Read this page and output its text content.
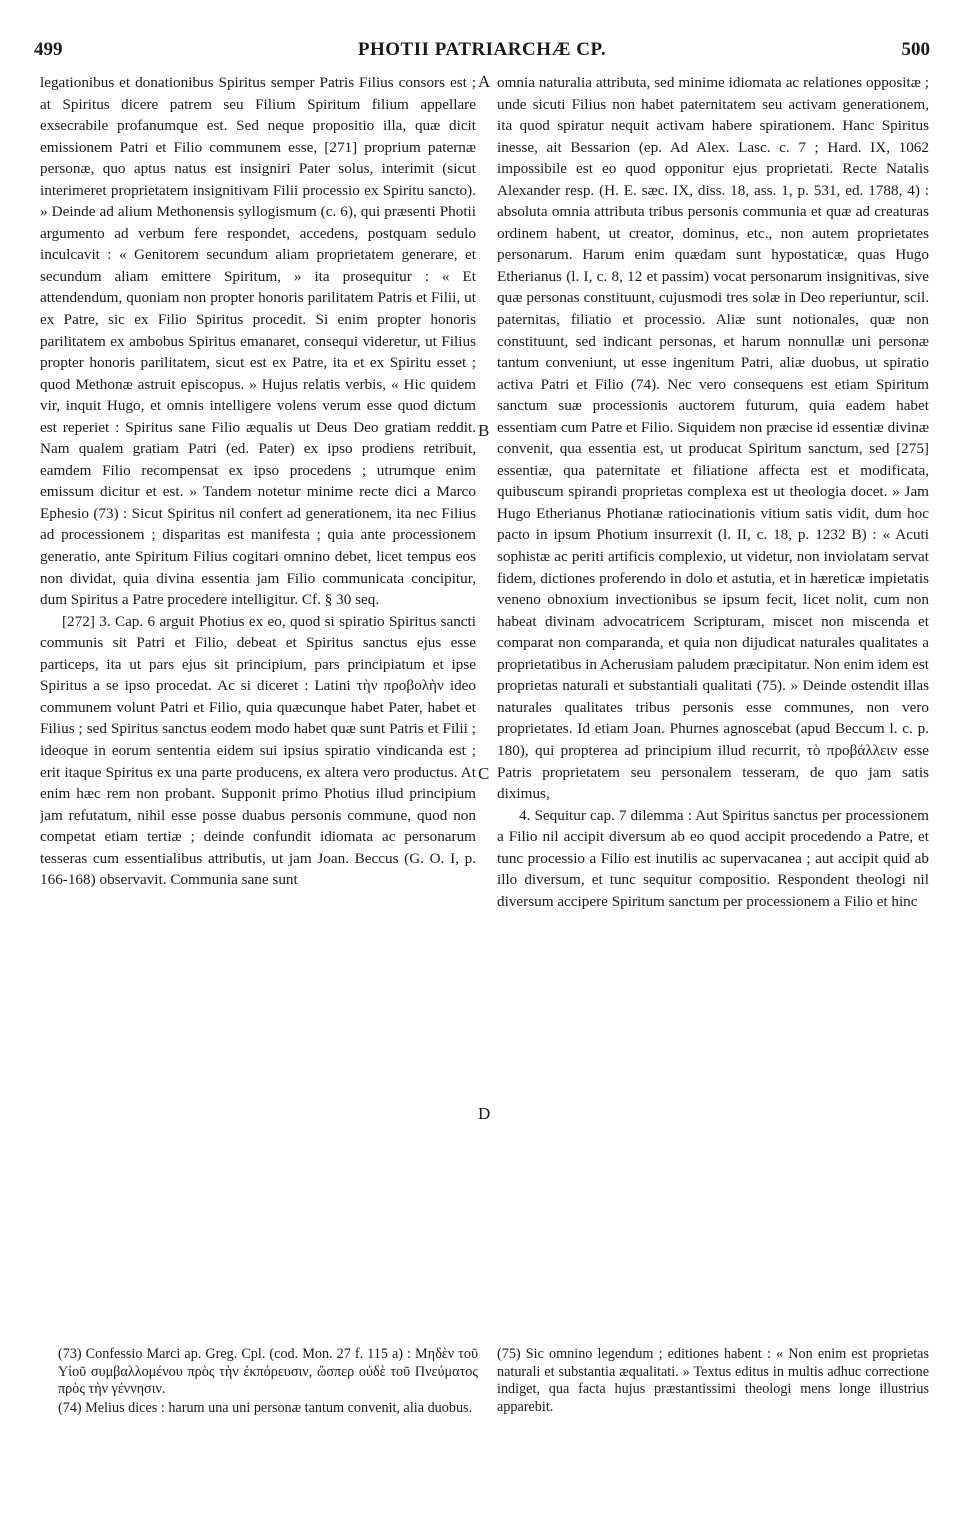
499	PHOTII PATRIARCHÆ CP.	500

legationibus et donationibus Spiritus semper Patris Filius consors est ; at Spiritus dicere patrem seu Filium Spiritum filium appellare exsecrabile profanumque est. Sed neque propositio illa, quæ dicit emissionem Patri et Filio communem esse, [271] proprium paternæ personæ, quo aptus natus est insigniri Pater solus, interimit (sicut interimeret proprietatem insignitivam Filii processio ex Spiritu sancto). » Deinde ad alium Methonensis syllogismum (c. 6), qui præsenti Photii argumento ad verbum fere respondet, accedens, postquam sedulo inculcavit : « Genitorem secundum aliam proprietatem generare, et secundum aliam emittere Spiritum, » ita prosequitur : « Et attendendum, quoniam non propter honoris parilitatem Patris et Filii, ut ex Patre, sic ex Filio Spiritus procedit. Si enim propter honoris parilitatem ex ambobus Spiritus emanaret, consequi videretur, ut Filius propter honoris parilitatem, sicut est ex Patre, ita et ex Spiritu esset ; quod Methonæ astruit episcopus. » Hujus relatis verbis, « Hic quidem vir, inquit Hugo, et omnis intelligere volens verum esse quod dictum est reperiet : Spiritus sane Filio æqualis ut Deus Deo gratiam reddit. Nam qualem gratiam Patri (ed. Pater) ex ipso prodiens retribuit, eamdem Filio recompensat ex ipso procedens ; utrumque enim emissum dicitur et est. » Tandem notetur minime recte dici a Marco Ephesio (73) : Sicut Spiritus nil confert ad generationem, ita nec Filius ad processionem ; disparitas est manifesta ; quia ante processionem generatio, ante Spiritum Filius cogitari omnino debet, licet tempus eos non dividat, quia divina essentia jam Filio communicata concipitur, dum Spiritus a Patre procedere intelligitur. Cf. § 30 seq.

[272] 3. Cap. 6 arguit Photius ex eo, quod si spiratio Spiritus sancti communis sit Patri et Filio, debeat et Spiritus sanctus ejus esse particeps, ita ut pars ejus sit principium, pars principiatum et ipse Spiritus a se ipso procedat. Ac si diceret : Latini τὴν προβολὴν ideo communem volunt Patri et Filio, quia quæcunque habet Pater, habet et Filius ; sed Spiritus sanctus eodem modo habet quæ sunt Patris et Filii ; ideoque in eorum sententia eidem sui ipsius spiratio vindicanda est ; erit itaque Spiritus ex una parte producens, ex altera vero productus. At enim hæc rem non probant. Supponit primo Photius illud principium jam refutatum, nihil esse posse duabus personis commune, quod non competat etiam tertiæ ; deinde confundit idiomata ac personarum tesseras cum essentialibus attributis, ut jam Joan. Beccus (G. O. I, p. 166-168) observavit. Communia sane sunt

A
B
C
D

omnia naturalia attributa, sed minime idiomata ac relationes oppositæ ; unde sicuti Filius non habet paternitatem seu activam generationem, ita quod spiratur nequit activam habere spirationem. Hanc Spiritus inesse, ait Bessarion (ep. Ad Alex. Lasc. c. 7 ; Hard. IX, 1062 impossibile est eo quod opponitur ejus proprietati. Recte Natalis Alexander resp. (H. E. sæc. IX, diss. 18, ass. 1, p. 531, ed. 1788, 4) : absoluta omnia attributa tribus personis communia et quæ ad creaturas ordinem habent, ut creator, dominus, etc., non autem proprietates personarum. Harum enim quædam sunt hypostaticæ, quas Hugo Etherianus (l. I, c. 8, 12 et passim) vocat personarum insignitivas, sive quæ personas constituunt, cujusmodi tres solæ in Deo reperiuntur, scil. paternitas, filiatio et processio. Aliæ sunt notionales, quæ non constituunt, sed indicant personas, et harum nonnullæ uni personæ tantum conveniunt, ut esse ingenitum Patri, aliæ duobus, ut spiratio activa Patri et Filio (74). Nec vero consequens est etiam Spiritum sanctum suæ processionis auctorem futurum, quia eadem habet essentiam cum Patre et Filio. Siquidem non præcise id essentiæ divinæ convenit, qua essentia est, ut producat Spiritum sanctum, sed [275] essentiæ, qua paternitate et filiatione affecta est et modificata, quibuscum spirandi proprietas complexa est ut theologia docet. » Jam Hugo Etherianus Photianæ ratiocinationis vitium satis vidit, dum hoc pacto in ipsum Photium insurrexit (l. II, c. 18, p. 1232 B) : « Acuti sophistæ ac periti artificis complexio, ut videtur, non inviolatam servat fidem, dictiones proferendo in dolo et astutia, et in hæreticæ impietatis veneno obnoxium invectionibus se ipsum fecit, licet nolit, cum non habeat divinam advocatricem Scripturam, miscet non miscenda et comparat non comparanda, et quia non dijudicat naturales qualitates a proprietatibus in Acherusiam paludem præcipitatur. Non enim idem est proprietas naturali et substantiali qualitati (75). » Deinde ostendit illas naturales qualitates tribus personis esse communes, non vero proprietates. Id etiam Joan. Phurnes agnoscebat (apud Beccum l. c. p. 180), qui propterea ad principium illud recurrit, τὸ προβάλλειν esse Patris proprietatem seu personalem tesseram, de quo jam satis diximus,

4. Sequitur cap. 7 dilemma : Aut Spiritus sanctus per processionem a Filio nil accipit diversum ab eo quod accipit procedendo a Patre, et tunc processio a Filio est inutilis ac supervacanea ; aut accipit quid ab illo diversum, et tunc sequitur compositio. Respondent theologi nil diversum accipere Spiritum sanctum per processionem a Filio et hinc

(73) Confessio Marci ap. Greg. Cpl. (cod. Mon. 27 f. 115 a) : Μηδὲν τοῦ Υἱοῦ συμβαλλομένου πρὸς τὴν ἐκπόρευσιν, ὥσπερ οὐδὲ τοῦ Πνεύματος πρὸς τὴν γέννησιν.

(74) Melius dices : harum una uni personæ tantum convenit, alia duobus.

(75) Sic omnino legendum ; editiones habent : « Non enim est proprietas naturali et substantia æqualitati. » Textus editus in multis adhuc correctione indiget, qua facta hujus præstantissimi theologi mens longe illustrius apparebit.
